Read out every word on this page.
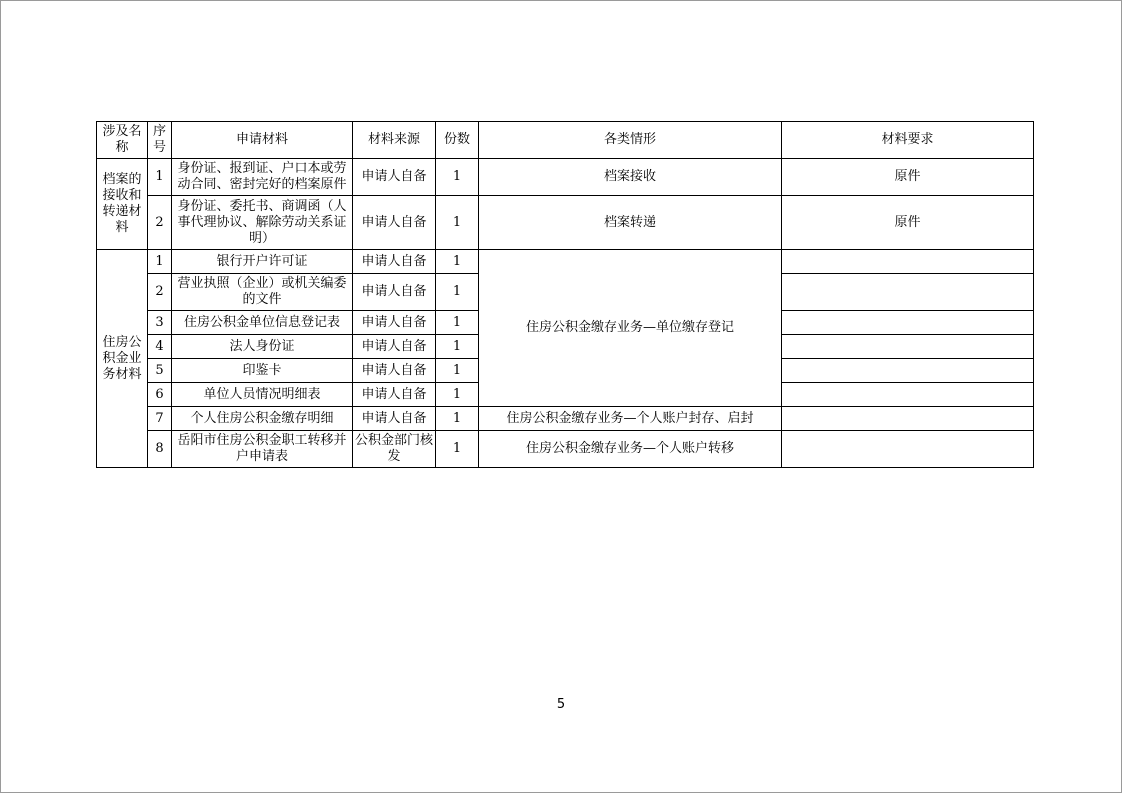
涉及名称	序号	申请材料	材料来源	份数	各类情形	材料要求
档案的接收和转递材料	1	身份证、报到证、户口本或劳动合同、密封完好的档案原件	申请人自备	1	档案接收	原件
	2	身份证、委托书、商调函（人事代理协议、解除劳动关系证明）	申请人自备	1	档案转递	原件
住房公积金业务材料	1	银行开户许可证	申请人自备	1	住房公积金缴存业务—单位缴存登记	
	2	营业执照（企业）或机关编委的文件	申请人自备	1		
	3	住房公积金单位信息登记表	申请人自备	1		
	4	法人身份证	申请人自备	1		
	5	印鉴卡	申请人自备	1		
	6	单位人员情况明细表	申请人自备	1		
	7	个人住房公积金缴存明细	申请人自备	1	住房公积金缴存业务—个人账户封存、启封	
	8	岳阳市住房公积金职工转移并户申请表	公积金部门核发	1	住房公积金缴存业务—个人账户转移	
5
